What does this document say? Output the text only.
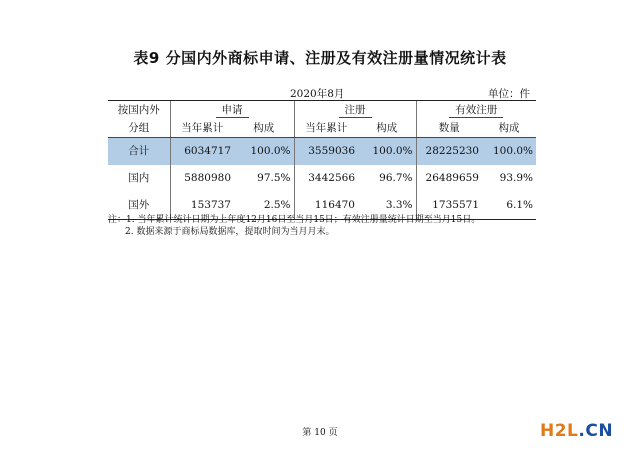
表9 分国内外商标申请、注册及有效注册量情况统计表
2020年8月	单位：件
按国内外	申请		注册		有效注册	
分组	当年累计	构成	当年累计	构成	数量	构成
合计	6034717	100.0%	3559036	100.0%	28225230	100.0%
国内	5880980	97.5%	3442566	96.7%	26489659	93.9%
国外	153737	2.5%	116470	3.3%	1735571	6.1%
注：1. 当年累计统计日期为上年度12月16日至当月15日；有效注册量统计日期至当月15日。
2. 数据来源于商标局数据库，提取时间为当月月末。
第 10 页	H2L.CN
